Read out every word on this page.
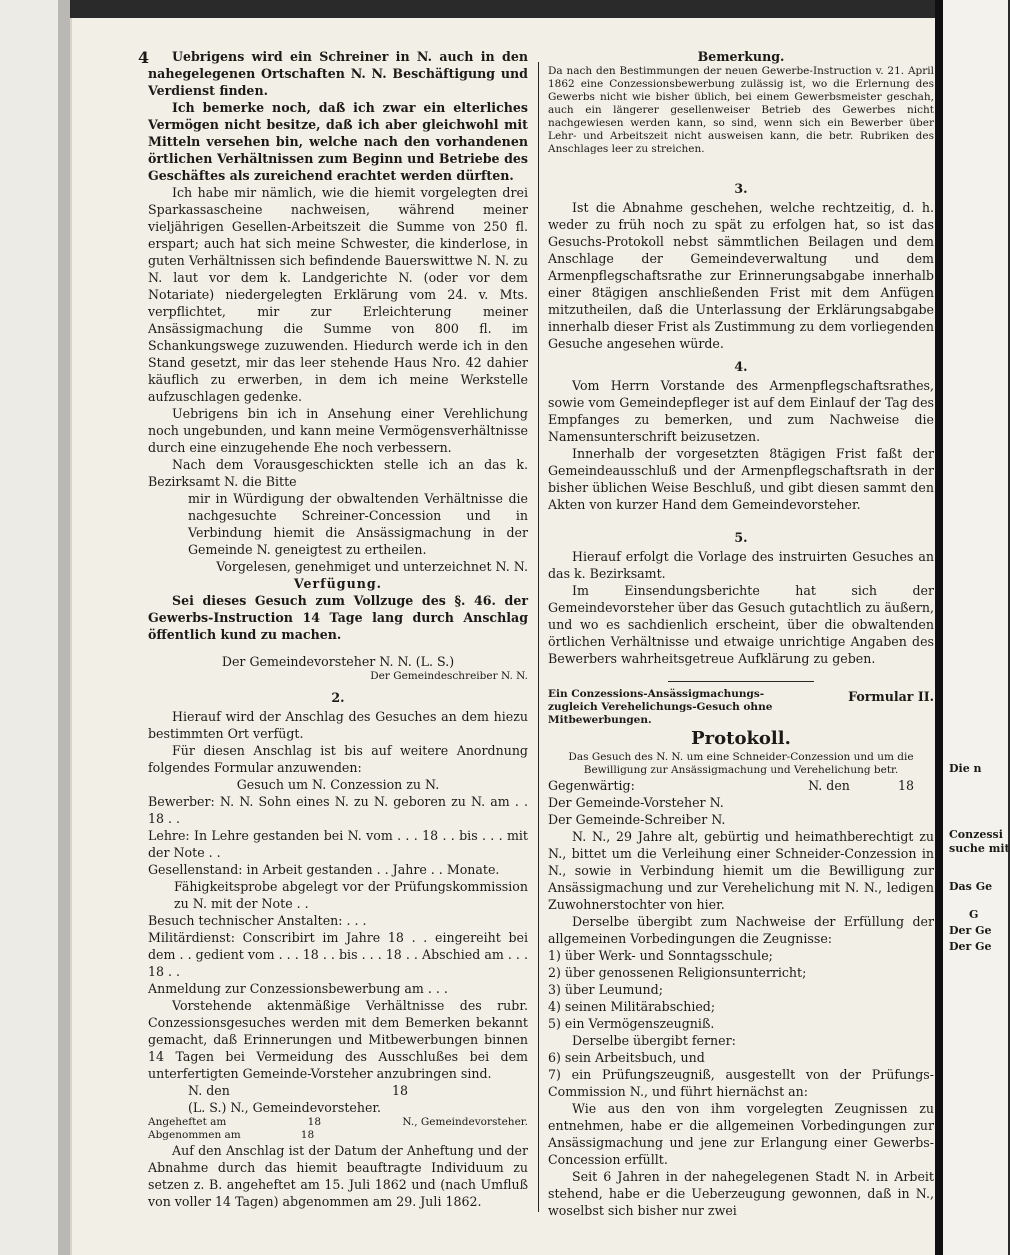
4	Uebrigens wird ein Schreiner in N. auch in den nahegelegenen Ortschaften N. N. Beschäftigung und Verdienst finden.

Ich bemerke noch, daß ich zwar ein elterliches Vermögen nicht besitze, daß ich aber gleichwohl mit Mitteln versehen bin, welche nach den vorhandenen örtlichen Verhältnissen zum Beginn und Betriebe des Geschäftes als zureichend erachtet werden dürften.

Ich habe mir nämlich, wie die hiemit vorgelegten drei Sparkassascheine nachweisen, während meiner vieljährigen Gesellen-Arbeitszeit die Summe von 250 fl. erspart; auch hat sich meine Schwester, die kinderlose, in guten Verhältnissen sich befindende Bauerswittwe N. N. zu N. laut vor dem k. Landgerichte N. (oder vor dem Notariate) niedergelegten Erklärung vom 24. v. Mts. verpflichtet, mir zur Erleichterung meiner Ansässigmachung die Summe von 800 fl. im Schankungswege zuzuwenden. Hiedurch werde ich in den Stand gesetzt, mir das leer stehende Haus Nro. 42 dahier käuflich zu erwerben, in dem ich meine Werkstelle aufzuschlagen gedenke.

Uebrigens bin ich in Ansehung einer Verehlichung noch ungebunden, und kann meine Vermögensverhältnisse durch eine einzugehende Ehe noch verbessern.

Nach dem Vorausgeschickten stelle ich an das k. Bezirksamt N. die Bitte

mir in Würdigung der obwaltenden Verhältnisse die nachgesuchte Schreiner-Concession und in Verbindung hiemit die Ansässigmachung in der Gemeinde N. geneigtest zu ertheilen.

Vorgelesen, genehmiget und unterzeichnet N. N.

Verfügung.

Sei dieses Gesuch zum Vollzuge des §. 46. der Gewerbs-Instruction 14 Tage lang durch Anschlag öffentlich kund zu machen.

Der Gemeindevorsteher N. N. (L. S.)

Der Gemeindeschreiber N. N.

2.

Hierauf wird der Anschlag des Gesuches an dem hiezu bestimmten Ort verfügt.

Für diesen Anschlag ist bis auf weitere Anordnung folgendes Formular anzuwenden:

Gesuch um N. Conzession zu N.

Bewerber: N. N. Sohn eines N. zu N. geboren zu N. am . . 18 . .

Lehre: In Lehre gestanden bei N. vom . . . 18 . . bis . . . mit der Note . .

Gesellenstand: in Arbeit gestanden . . Jahre . . Monate.

Fähigkeitsprobe abgelegt vor der Prüfungskommission zu N. mit der Note . .

Besuch technischer Anstalten: . . .

Militärdienst: Conscribirt im Jahre 18 . . eingereiht bei dem . . gedient vom . . . 18 . . bis . . . 18 . . Abschied am . . . 18 . .

Anmeldung zur Conzessionsbewerbung am . . .

Vorstehende aktenmäßige Verhältnisse des rubr. Conzessionsgesuches werden mit dem Bemerken bekannt gemacht, daß Erinnerungen und Mitbewerbungen binnen 14 Tagen bei Vermeidung des Ausschlußes bei dem unterfertigten Gemeinde-Vorsteher anzubringen sind.

N. den	18

(L. S.) N., Gemeindevorsteher.

Angeheftet am	18	N., Gemeindevorsteher.
Abgenommen am	18

Auf den Anschlag ist der Datum der Anheftung und der Abnahme durch das hiemit beauftragte Individuum zu setzen z. B. angeheftet am 15. Juli 1862 und (nach Umfluß von voller 14 Tagen) abgenommen am 29. Juli 1862.

Bemerkung.

Da nach den Bestimmungen der neuen Gewerbe-Instruction v. 21. April 1862 eine Conzessionsbewerbung zulässig ist, wo die Erlernung des Gewerbs nicht wie bisher üblich, bei einem Gewerbsmeister geschah, auch ein längerer gesellenweiser Betrieb des Gewerbes nicht nachgewiesen werden kann, so sind, wenn sich ein Bewerber über Lehr- und Arbeitszeit nicht ausweisen kann, die betr. Rubriken des Anschlages leer zu streichen.

3.

Ist die Abnahme geschehen, welche rechtzeitig, d. h. weder zu früh noch zu spät zu erfolgen hat, so ist das Gesuchs-Protokoll nebst sämmtlichen Beilagen und dem Anschlage der Gemeindeverwaltung und dem Armenpflegschaftsrathe zur Erinnerungsabgabe innerhalb einer 8tägigen anschließenden Frist mit dem Anfügen mitzutheilen, daß die Unterlassung der Erklärungsabgabe innerhalb dieser Frist als Zustimmung zu dem vorliegenden Gesuche angesehen würde.

4.

Vom Herrn Vorstande des Armenpflegschaftsrathes, sowie vom Gemeindepfleger ist auf dem Einlauf der Tag des Empfanges zu bemerken, und zum Nachweise die Namensunterschrift beizusetzen.

Innerhalb der vorgesetzten 8tägigen Frist faßt der Gemeindeausschluß und der Armenpflegschaftsrath in der bisher üblichen Weise Beschluß, und gibt diesen sammt den Akten von kurzer Hand dem Gemeindevorsteher.

5.

Hierauf erfolgt die Vorlage des instruirten Gesuches an das k. Bezirksamt.

Im Einsendungsberichte hat sich der Gemeindevorsteher über das Gesuch gutachtlich zu äußern, und wo es sachdienlich erscheint, über die obwaltenden örtlichen Verhältnisse und etwaige unrichtige Angaben des Bewerbers wahrheitsgetreue Aufklärung zu geben.

Ein Conzessions-Ansässigmachungs- zugleich Verehelichungs-Gesuch ohne Mitbewerbungen.
Formular II.

Protokoll.

Das Gesuch des N. N. um eine Schneider-Conzession und um die Bewilligung zur Ansässigmachung und Verehelichung betr.

Gegenwärtig:	N. den	18

Der Gemeinde-Vorsteher N.

Der Gemeinde-Schreiber N.

N. N., 29 Jahre alt, gebürtig und heimathberechtigt zu N., bittet um die Verleihung einer Schneider-Conzession in N., sowie in Verbindung hiemit um die Bewilligung zur Ansässigmachung und zur Verehelichung mit N. N., ledigen Zuwohnerstochter von hier.

Derselbe übergibt zum Nachweise der Erfüllung der allgemeinen Vorbedingungen die Zeugnisse:

1) über Werk- und Sonntagsschule;

2) über genossenen Religionsunterricht;

3) über Leumund;

4) seinen Militärabschied;

5) ein Vermögenszeugniß.

Derselbe übergibt ferner:

6) sein Arbeitsbuch, und

7) ein Prüfungszeugniß, ausgestellt von der Prüfungs-Commission N., und führt hiernächst an:

Wie aus den von ihm vorgelegten Zeugnissen zu entnehmen, habe er die allgemeinen Vorbedingungen zur Ansässigmachung und jene zur Erlangung einer Gewerbs-Concession erfüllt.

Seit 6 Jahren in der nahegelegenen Stadt N. in Arbeit stehend, habe er die Ueberzeugung gewonnen, daß in N., woselbst sich bisher nur zwei

Die n
Conzessi
suche mit
Das Ge
G
Der Ge
Der Ge
